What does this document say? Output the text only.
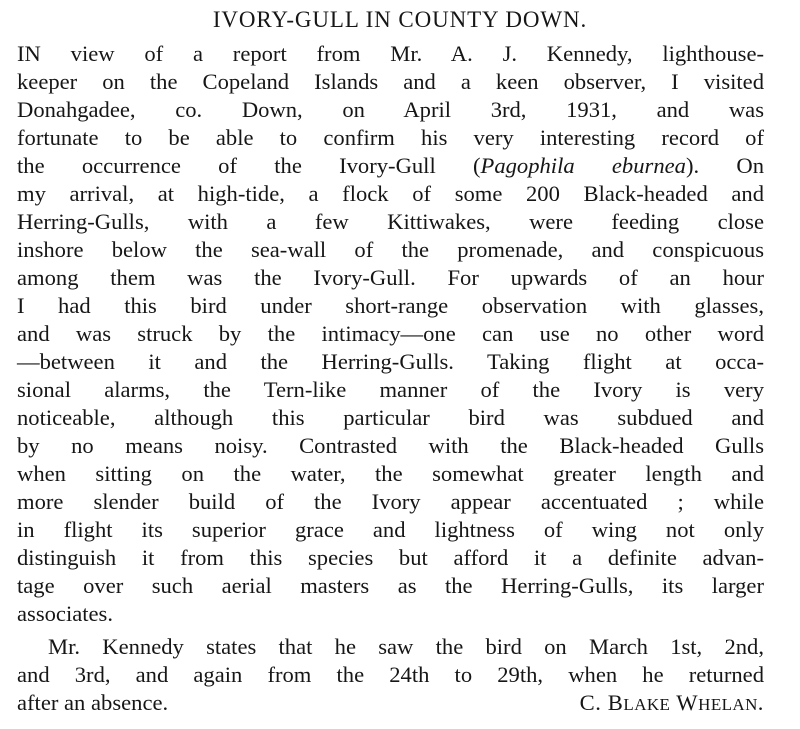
IVORY-GULL IN COUNTY DOWN.
IN view of a report from Mr. A. J. Kennedy, lighthouse-
keeper on the Copeland Islands and a keen observer, I visited
Donahgadee, co. Down, on April 3rd, 1931, and was
fortunate to be able to confirm his very interesting record of
the occurrence of the Ivory-Gull (Pagophila eburnea). On
my arrival, at high-tide, a flock of some 200 Black-headed and
Herring-Gulls, with a few Kittiwakes, were feeding close
inshore below the sea-wall of the promenade, and conspicuous
among them was the Ivory-Gull. For upwards of an hour
I had this bird under short-range observation with glasses,
and was struck by the intimacy—one can use no other word
—between it and the Herring-Gulls. Taking flight at occa-
sional alarms, the Tern-like manner of the Ivory is very
noticeable, although this particular bird was subdued and
by no means noisy. Contrasted with the Black-headed Gulls
when sitting on the water, the somewhat greater length and
more slender build of the Ivory appear accentuated ; while
in flight its superior grace and lightness of wing not only
distinguish it from this species but afford it a definite advan-
tage over such aerial masters as the Herring-Gulls, its larger
associates.
Mr. Kennedy states that he saw the bird on March 1st, 2nd,
and 3rd, and again from the 24th to 29th, when he returned
after an absence.	C. BLAKE WHELAN.
